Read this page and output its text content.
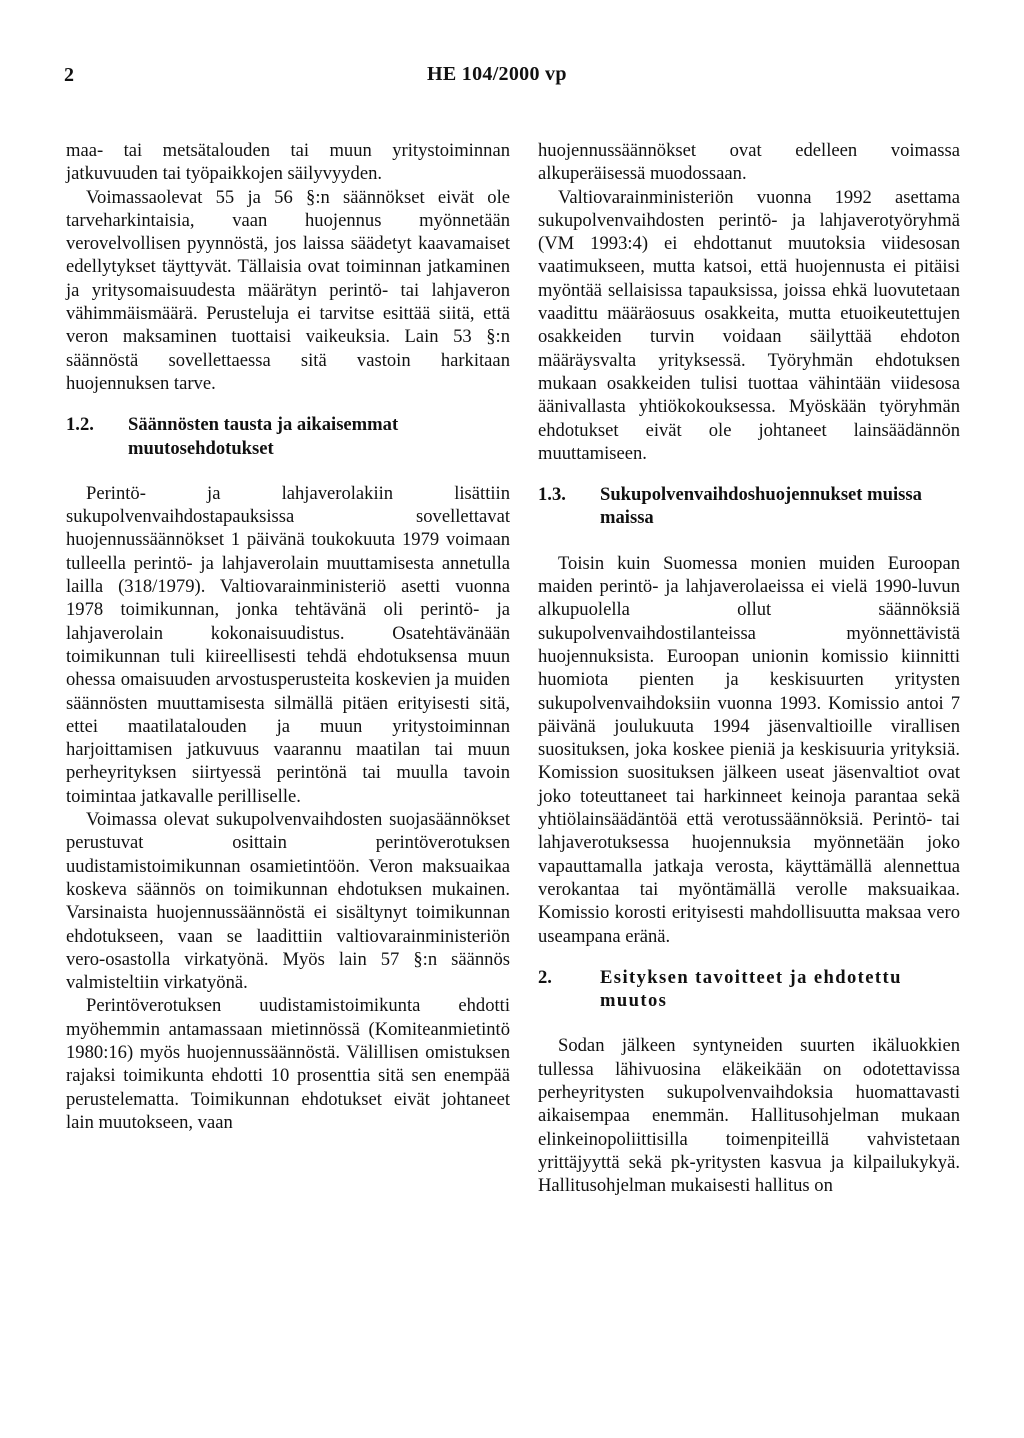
2	HE 104/2000 vp

maa- tai metsätalouden tai muun yritystoiminnan jatkuvuuden tai työpaikkojen säilyvyyden.

Voimassaolevat 55 ja 56 §:n säännökset eivät ole tarveharkintaisia, vaan huojennus myönnetään verovelvollisen pyynnöstä, jos laissa säädetyt kaavamaiset edellytykset täyttyvät. Tällaisia ovat toiminnan jatkaminen ja yritysomaisuudesta määrätyn perintö- tai lahjaveron vähimmäismäärä. Perusteluja ei tarvitse esittää siitä, että veron maksaminen tuottaisi vaikeuksia. Lain 53 §:n säännöstä sovellettaessa sitä vastoin harkitaan huojennuksen tarve.

1.2.	Säännösten tausta ja aikaisemmat muutosehdotukset

Perintö- ja lahjaverolakiin lisättiin sukupolvenvaihdostapauksissa sovellettavat huojennussäännökset 1 päivänä toukokuuta 1979 voimaan tulleella perintö- ja lahjaverolain muuttamisesta annetulla lailla (318/1979). Valtiovarainministeriö asetti vuonna 1978 toimikunnan, jonka tehtävänä oli perintö- ja lahjaverolain kokonaisuudistus. Osatehtävänään toimikunnan tuli kiireellisesti tehdä ehdotuksensa muun ohessa omaisuuden arvostusperusteita koskevien ja muiden säännösten muuttamisesta silmällä pitäen erityisesti sitä, ettei maatilatalouden ja muun yritystoiminnan harjoittamisen jatkuvuus vaarannu maatilan tai muun perheyrityksen siirtyessä perintönä tai muulla tavoin toimintaa jatkavalle perilliselle.

Voimassa olevat sukupolvenvaihdosten suojasäännökset perustuvat osittain perintöverotuksen uudistamistoimikunnan osamietintöön. Veron maksuaikaa koskeva säännös on toimikunnan ehdotuksen mukainen. Varsinaista huojennussäännöstä ei sisältynyt toimikunnan ehdotukseen, vaan se laadittiin valtiovarainministeriön vero-osastolla virkatyönä. Myös lain 57 §:n säännös valmisteltiin virkatyönä.

Perintöverotuksen uudistamistoimikunta ehdotti myöhemmin antamassaan mietinnössä (Komiteanmietintö 1980:16) myös huojennussäännöstä. Välillisen omistuksen rajaksi toimikunta ehdotti 10 prosenttia sitä sen enempää perustelematta. Toimikunnan ehdotukset eivät johtaneet lain muutokseen, vaan

huojennussäännökset ovat edelleen voimassa alkuperäisessä muodossaan.

Valtiovarainministeriön vuonna 1992 asettama sukupolvenvaihdosten perintö- ja lahjaverotyöryhmä (VM 1993:4) ei ehdottanut muutoksia viidesosan vaatimukseen, mutta katsoi, että huojennusta ei pitäisi myöntää sellaisissa tapauksissa, joissa ehkä luovutetaan vaadittu määräosuus osakkeita, mutta etuoikeutettujen osakkeiden turvin voidaan säilyttää ehdoton määräysvalta yrityksessä. Työryhmän ehdotuksen mukaan osakkeiden tulisi tuottaa vähintään viidesosa äänivallasta yhtiökokouksessa. Myöskään työryhmän ehdotukset eivät ole johtaneet lainsäädännön muuttamiseen.

1.3.	Sukupolvenvaihdoshuojennukset muissa maissa

Toisin kuin Suomessa monien muiden Euroopan maiden perintö- ja lahjaverolaeissa ei vielä 1990-luvun alkupuolella ollut säännöksiä sukupolvenvaihdostilanteissa myönnettävistä huojennuksista. Euroopan unionin komissio kiinnitti huomiota pienten ja keskisuurten yritysten sukupolvenvaihdoksiin vuonna 1993. Komissio antoi 7 päivänä joulukuuta 1994 jäsenvaltioille virallisen suosituksen, joka koskee pieniä ja keskisuuria yrityksiä. Komission suosituksen jälkeen useat jäsenvaltiot ovat joko toteuttaneet tai harkinneet keinoja parantaa sekä yhtiölainsäädäntöä että verotussäännöksiä. Perintö- tai lahjaverotuksessa huojennuksia myönnetään joko vapauttamalla jatkaja verosta, käyttämällä alennettua verokantaa tai myöntämällä verolle maksuaikaa. Komissio korosti erityisesti mahdollisuutta maksaa vero useampana eränä.

2.	Esityksen tavoitteet ja ehdotettu muutos

Sodan jälkeen syntyneiden suurten ikäluokkien tullessa lähivuosina eläkeikään on odotettavissa perheyritysten sukupolvenvaihdoksia huomattavasti aikaisempaa enemmän. Hallitusohjelman mukaan elinkeinopoliittisilla toimenpiteillä vahvistetaan yrittäjyyttä sekä pk-yritysten kasvua ja kilpailukykyä. Hallitusohjelman mukaisesti hallitus on
